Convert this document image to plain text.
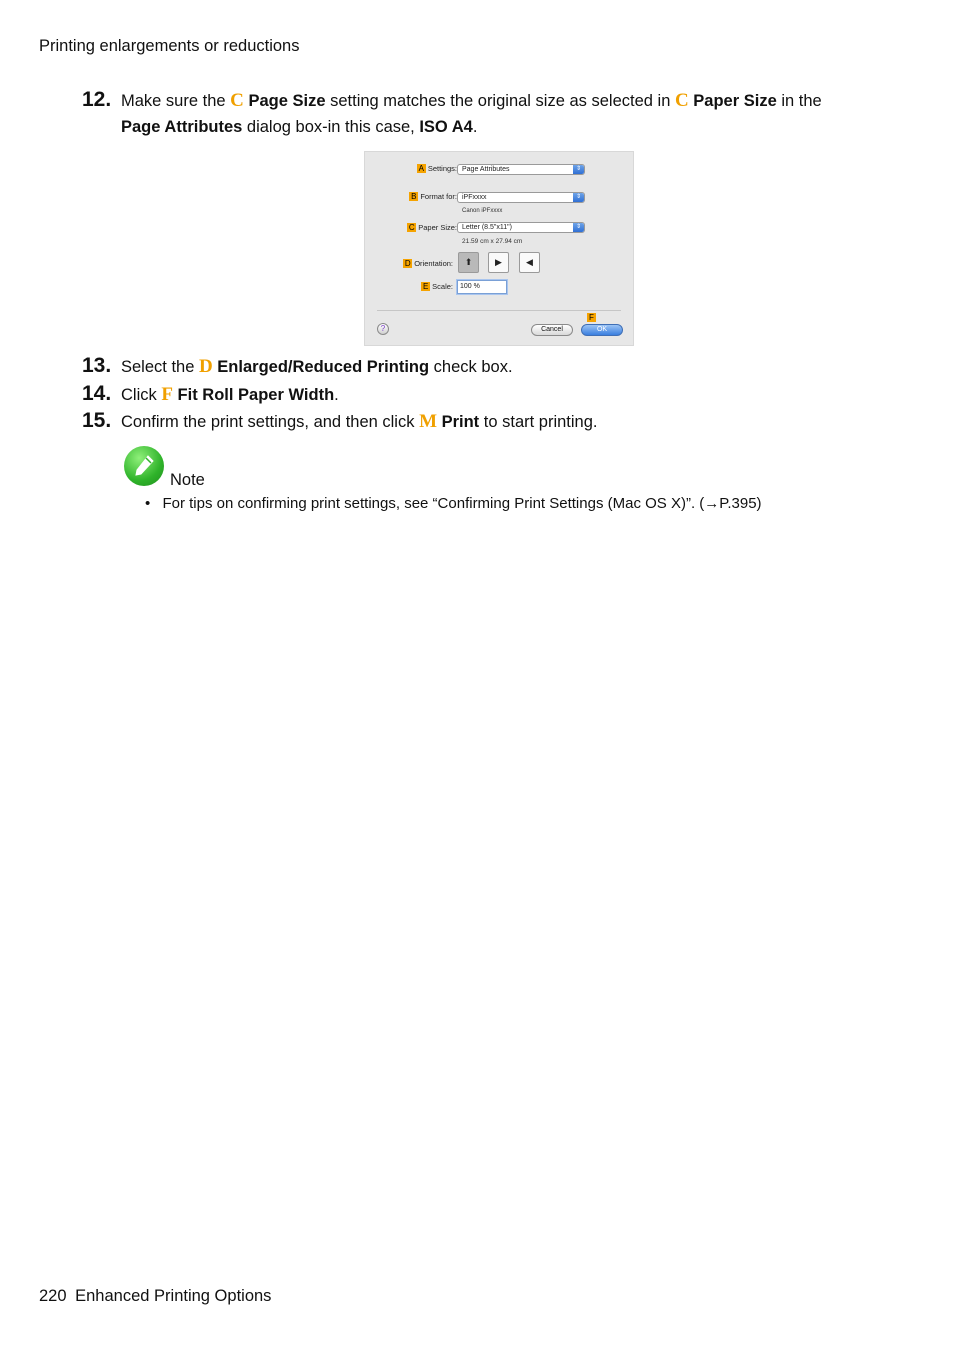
Printing enlargements or reductions
12. Make sure the C Page Size setting matches the original size as selected in C Paper Size in the
Page Attributes dialog box-in this case, ISO A4.
A Settings: Page Attributes	⇕
B Format for: iPFxxxx	⇕
Canon iPFxxxx
C Paper Size: Letter (8.5"x11")	⇕
21.59 cm x 27.94 cm
D Orientation: ⬆︎	▶	◀
E Scale:	100 %
F
?	Cancel	OK
13. Select the D Enlarged/Reduced Printing check box.
14. Click F Fit Roll Paper Width.
15. Confirm the print settings, and then click M Print to start printing.
Note
• For tips on confirming print settings, see “Confirming Print Settings (Mac OS X)”. (→P.395)
220 Enhanced Printing Options
